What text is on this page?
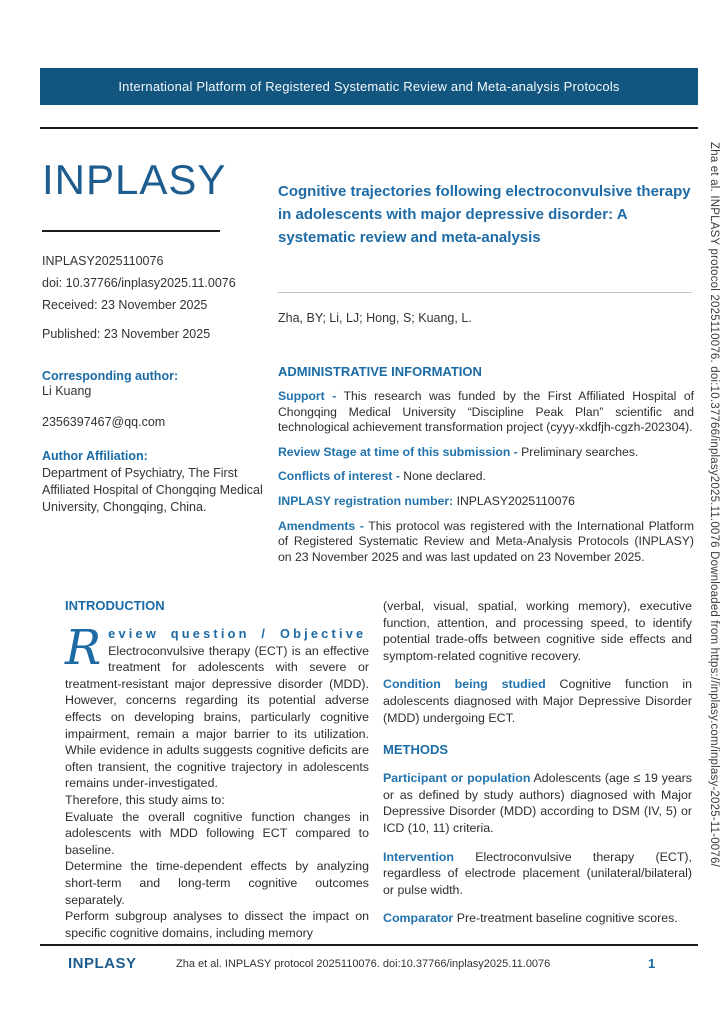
International Platform of Registered Systematic Review and Meta-analysis Protocols
INPLASY
INPLASY2025110076
doi: 10.37766/inplasy2025.11.0076
Received: 23 November 2025
Published: 23 November 2025
Corresponding author:
Li Kuang
2356397467@qq.com
Author Affiliation:
Department of Psychiatry, The First Affiliated Hospital of Chongqing Medical University, Chongqing, China.
Cognitive trajectories following electroconvulsive therapy in adolescents with major depressive disorder: A systematic review and meta-analysis
Zha, BY; Li, LJ; Hong, S; Kuang, L.
ADMINISTRATIVE INFORMATION

Support - This research was funded by the First Affiliated Hospital of Chongqing Medical University “Discipline Peak Plan” scientific and technological achievement transformation project (cyyy-xkdfjh-cgzh-202304).

Review Stage at time of this submission - Preliminary searches.

Conflicts of interest - None declared.

INPLASY registration number: INPLASY2025110076

Amendments - This protocol was registered with the International Platform of Registered Systematic Review and Meta-Analysis Protocols (INPLASY) on 23 November 2025 and was last updated on 23 November 2025.

INTRODUCTION
R eview question / Objective
Electroconvulsive therapy (ECT) is an effective treatment for adolescents with severe or treatment-resistant major depressive disorder (MDD). However, concerns regarding its potential adverse effects on developing brains, particularly cognitive impairment, remain a major barrier to its utilization. While evidence in adults suggests cognitive deficits are often transient, the cognitive trajectory in adolescents remains under-investigated.
Therefore, this study aims to:
Evaluate the overall cognitive function changes in adolescents with MDD following ECT compared to baseline.
Determine the time-dependent effects by analyzing short-term and long-term cognitive outcomes separately.
Perform subgroup analyses to dissect the impact on specific cognitive domains, including memory

(verbal, visual, spatial, working memory), executive function, attention, and processing speed, to identify potential trade-offs between cognitive side effects and symptom-related cognitive recovery.

Condition being studied Cognitive function in adolescents diagnosed with Major Depressive Disorder (MDD) undergoing ECT.

METHODS

Participant or population Adolescents (age ≤ 19 years or as defined by study authors) diagnosed with Major Depressive Disorder (MDD) according to DSM (IV, 5) or ICD (10, 11) criteria.

Intervention Electroconvulsive therapy (ECT), regardless of electrode placement (unilateral/bilateral) or pulse width.

Comparator Pre-treatment baseline cognitive scores.

INPLASY	Zha et al. INPLASY protocol 2025110076. doi:10.37766/inplasy2025.11.0076	1
Zha et al. INPLASY protocol 2025110076. doi:10.37766/inplasy2025.11.0076 Downloaded from https://inplasy.com/inplasy-2025-11-0076/
